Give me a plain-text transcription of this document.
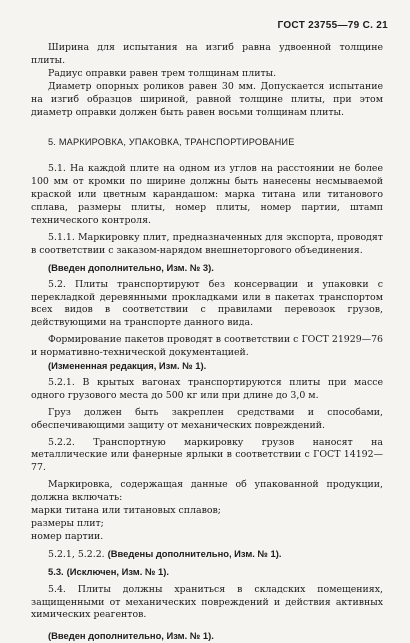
ГОСТ 23755—79 С. 21

Ширина для испытания на изгиб равна удвоенной толщине плиты.

Радиус оправки равен трем толщинам плиты.

Диаметр опорных роликов равен 30 мм. Допускается испытание на изгиб образцов шириной, равной толщине плиты, при этом диаметр оправки должен быть равен восьми толщинам плиты.

5. МАРКИРОВКА, УПАКОВКА, ТРАНСПОРТИРОВАНИЕ

5.1. На каждой плите на одном из углов на расстоянии не более 100 мм от кромки по ширине должны быть нанесены несмываемой краской или цветным карандашом: марка титана или титанового сплава, размеры плиты, номер плиты, номер партии, штамп технического контроля.

5.1.1. Маркировку плит, предназначенных для экспорта, проводят в соответствии с заказом-нарядом внешнеторгового объединения.

(Введен дополнительно, Изм. № 3).

5.2. Плиты транспортируют без консервации и упаковки с перекладкой деревянными прокладками или в пакетах транспортом всех видов в соответствии с правилами перевозок грузов, действующими на транспорте данного вида.

Формирование пакетов проводят в соответствии с ГОСТ 21929—76 и нормативно-технической документацией.

(Измененная редакция, Изм. № 1).

5.2.1. В крытых вагонах транспортируются плиты при массе одного грузового места до 500 кг или при длине до 3,0 м.

Груз должен быть закреплен средствами и способами, обеспечивающими защиту от механических повреждений.

5.2.2. Транспортную маркировку грузов наносят на металлические или фанерные ярлыки в соответствии с ГОСТ 14192—77.

Маркировка, содержащая данные об упакованной продукции, должна включать:

марки титана или титановых сплавов;

размеры плит;

номер партии.

5.2.1, 5.2.2. (Введены дополнительно, Изм. № 1).

5.3. (Исключен, Изм. № 1).

5.4. Плиты должны храниться в складских помещениях, защищенными от механических повреждений и действия активных химических реагентов.

(Введен дополнительно, Изм. № 1).
